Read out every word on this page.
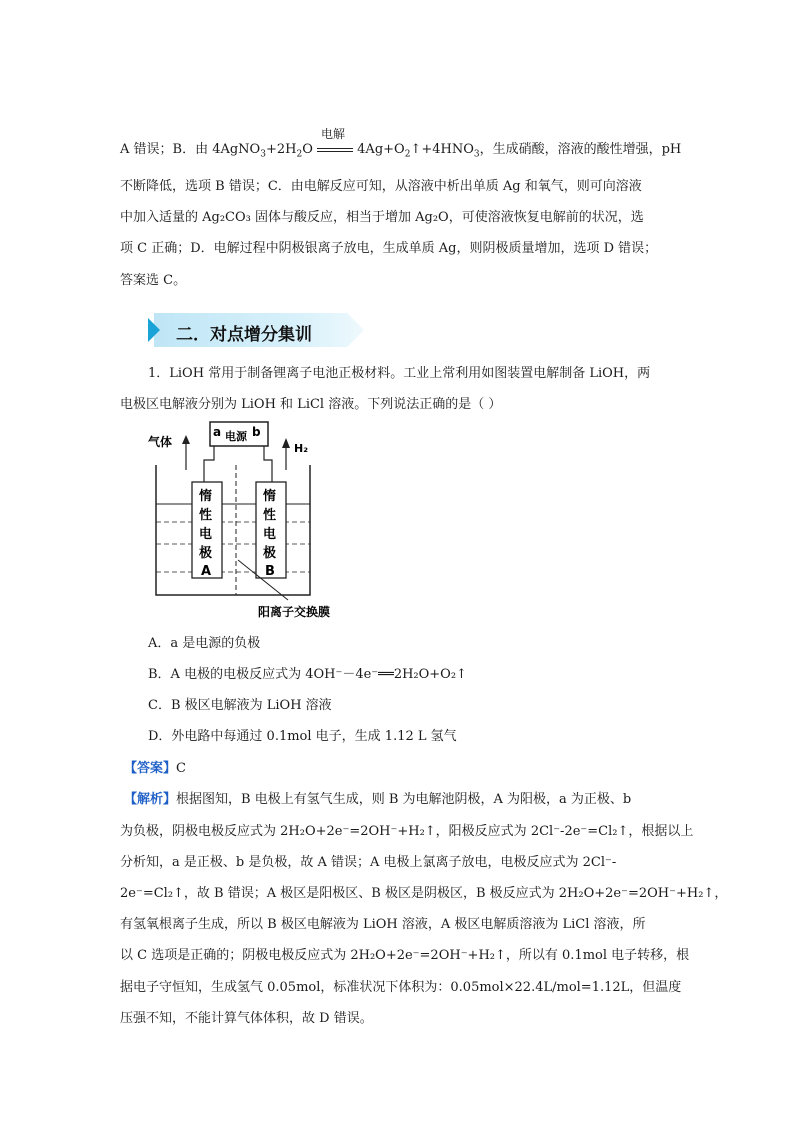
A 错误；B．由 $4AgNO_3+2H_2O$
电解
$4Ag+O_2↑+4HNO_3$，生成硝酸，溶液的酸性增强，pH
不断降低，选项 B 错误；C．由电解反应可知，从溶液中析出单质 Ag 和氧气，则可向溶液
中加入适量的 Ag₂CO₃ 固体与酸反应，相当于增加 Ag₂O，可使溶液恢复电解前的状况，选
项 C 正确；D．电解过程中阴极银离子放电，生成单质 Ag，则阴极质量增加，选项 D 错误；
答案选 C。
二．对点增分集训
1．LiOH 常用于制备锂离子电池正极材料。工业上常利用如图装置电解制备 LiOH，两
电极区电解液分别为 LiOH 和 LiCl 溶液。下列说法正确的是（ ）
a 电源 b
气体	H₂
惰
性
电
极
A
惰
性
电
极
B
阳离子交换膜
A．a 是电源的负极
B．A 电极的电极反应式为 4OH⁻－4e⁻══2H₂O+O₂↑
C．B 极区电解液为 LiOH 溶液
D．外电路中每通过 0.1mol 电子，生成 1.12 L 氢气
【答案】C
【解析】根据图知，B 电极上有氢气生成，则 B 为电解池阴极，A 为阳极，a 为正极、b
为负极，阴极电极反应式为 2H₂O+2e⁻=2OH⁻+H₂↑，阳极反应式为 2Cl⁻-2e⁻=Cl₂↑，根据以上
分析知，a 是正极、b 是负极，故 A 错误；A 电极上氯离子放电，电极反应式为 2Cl⁻-
2e⁻=Cl₂↑，故 B 错误；A 极区是阳极区、B 极区是阴极区，B 极反应式为 2H₂O+2e⁻=2OH⁻+H₂↑，
有氢氧根离子生成，所以 B 极区电解液为 LiOH 溶液，A 极区电解质溶液为 LiCl 溶液，所
以 C 选项是正确的；阴极电极反应式为 2H₂O+2e⁻=2OH⁻+H₂↑，所以有 0.1mol 电子转移，根
据电子守恒知，生成氢气 0.05mol，标准状况下体积为：0.05mol×22.4L/mol=1.12L，但温度
压强不知，不能计算气体体积，故 D 错误。
